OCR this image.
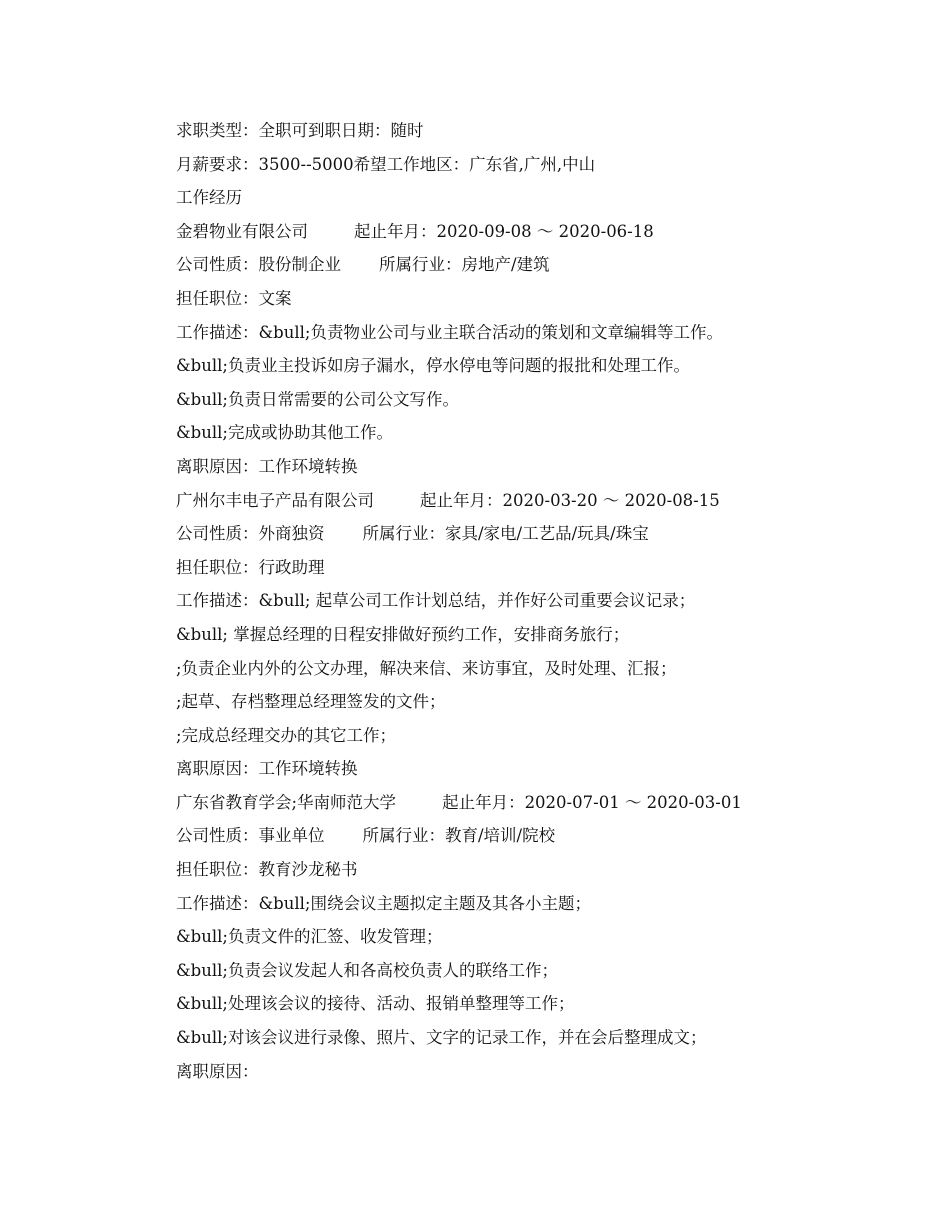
求职类型：全职可到职日期：随时
月薪要求：3500--5000希望工作地区：广东省,广州,中山
工作经历
金碧物业有限公司	起止年月：2020-09-08 ～ 2020-06-18
公司性质：股份制企业 所属行业：房地产/建筑
担任职位：文案
工作描述：&bull;负责物业公司与业主联合活动的策划和文章编辑等工作。
&bull;负责业主投诉如房子漏水，停水停电等问题的报批和处理工作。
&bull;负责日常需要的公司公文写作。
&bull;完成或协助其他工作。
离职原因：工作环境转换
广州尔丰电子产品有限公司	起止年月：2020-03-20 ～ 2020-08-15
公司性质：外商独资 所属行业：家具/家电/工艺品/玩具/珠宝
担任职位：行政助理
工作描述：&bull; 起草公司工作计划总结，并作好公司重要会议记录；
&bull; 掌握总经理的日程安排做好预约工作，安排商务旅行；
;负责企业内外的公文办理，解决来信、来访事宜，及时处理、汇报；
;起草、存档整理总经理签发的文件；
;完成总经理交办的其它工作；
离职原因：工作环境转换
广东省教育学会;华南师范大学	起止年月：2020-07-01 ～ 2020-03-01
公司性质：事业单位 所属行业：教育/培训/院校
担任职位：教育沙龙秘书
工作描述：&bull;围绕会议主题拟定主题及其各小主题；
&bull;负责文件的汇签、收发管理；
&bull;负责会议发起人和各高校负责人的联络工作；
&bull;处理该会议的接待、活动、报销单整理等工作；
&bull;对该会议进行录像、照片、文字的记录工作，并在会后整理成文；
离职原因：
